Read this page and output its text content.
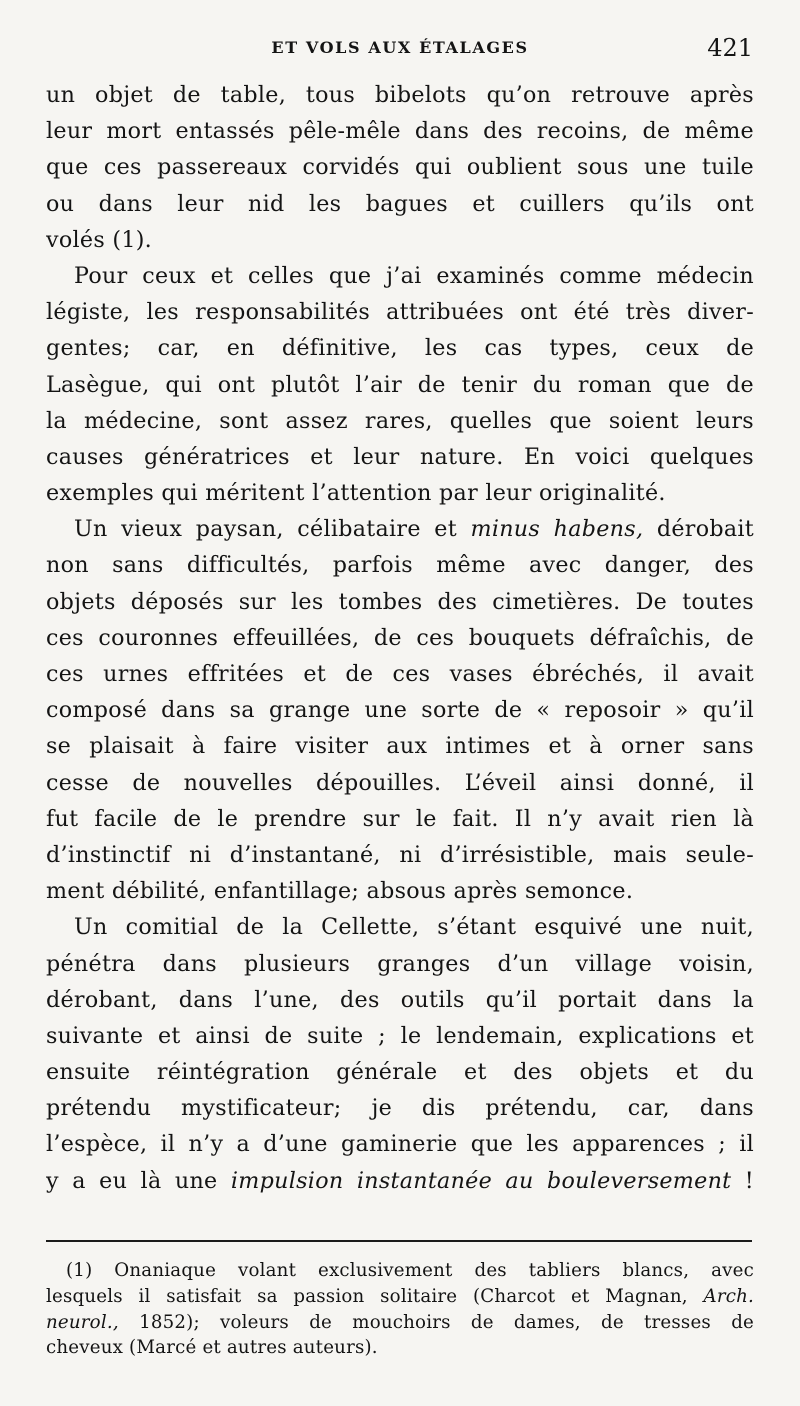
ET VOLS AUX ÉTALAGES	421
un objet de table, tous bibelots qu’on retrouve après
leur mort entassés pêle-mêle dans des recoins, de même
que ces passereaux corvidés qui oublient sous une tuile
ou dans leur nid les bagues et cuillers qu’ils ont
volés (1).
Pour ceux et celles que j’ai examinés comme médecin
légiste, les responsabilités attribuées ont été très diver-
gentes; car, en définitive, les cas types, ceux de
Lasègue, qui ont plutôt l’air de tenir du roman que de
la médecine, sont assez rares, quelles que soient leurs
causes génératrices et leur nature. En voici quelques
exemples qui méritent l’attention par leur originalité.
Un vieux paysan, célibataire et minus habens, dérobait
non sans difficultés, parfois même avec danger, des
objets déposés sur les tombes des cimetières. De toutes
ces couronnes effeuillées, de ces bouquets défraîchis, de
ces urnes effritées et de ces vases ébréchés, il avait
composé dans sa grange une sorte de « reposoir » qu’il
se plaisait à faire visiter aux intimes et à orner sans
cesse de nouvelles dépouilles. L’éveil ainsi donné, il
fut facile de le prendre sur le fait. Il n’y avait rien là
d’instinctif ni d’instantané, ni d’irrésistible, mais seule-
ment débilité, enfantillage; absous après semonce.
Un comitial de la Cellette, s’étant esquivé une nuit,
pénétra dans plusieurs granges d’un village voisin,
dérobant, dans l’une, des outils qu’il portait dans la
suivante et ainsi de suite ; le lendemain, explications et
ensuite réintégration générale et des objets et du
prétendu mystificateur; je dis prétendu, car, dans
l’espèce, il n’y a d’une gaminerie que les apparences ; il
y a eu là une impulsion instantanée au bouleversement !
(1) Onaniaque volant exclusivement des tabliers blancs, avec
lesquels il satisfait sa passion solitaire (Charcot et Magnan, Arch.
neurol., 1852); voleurs de mouchoirs de dames, de tresses de
cheveux (Marcé et autres auteurs).
